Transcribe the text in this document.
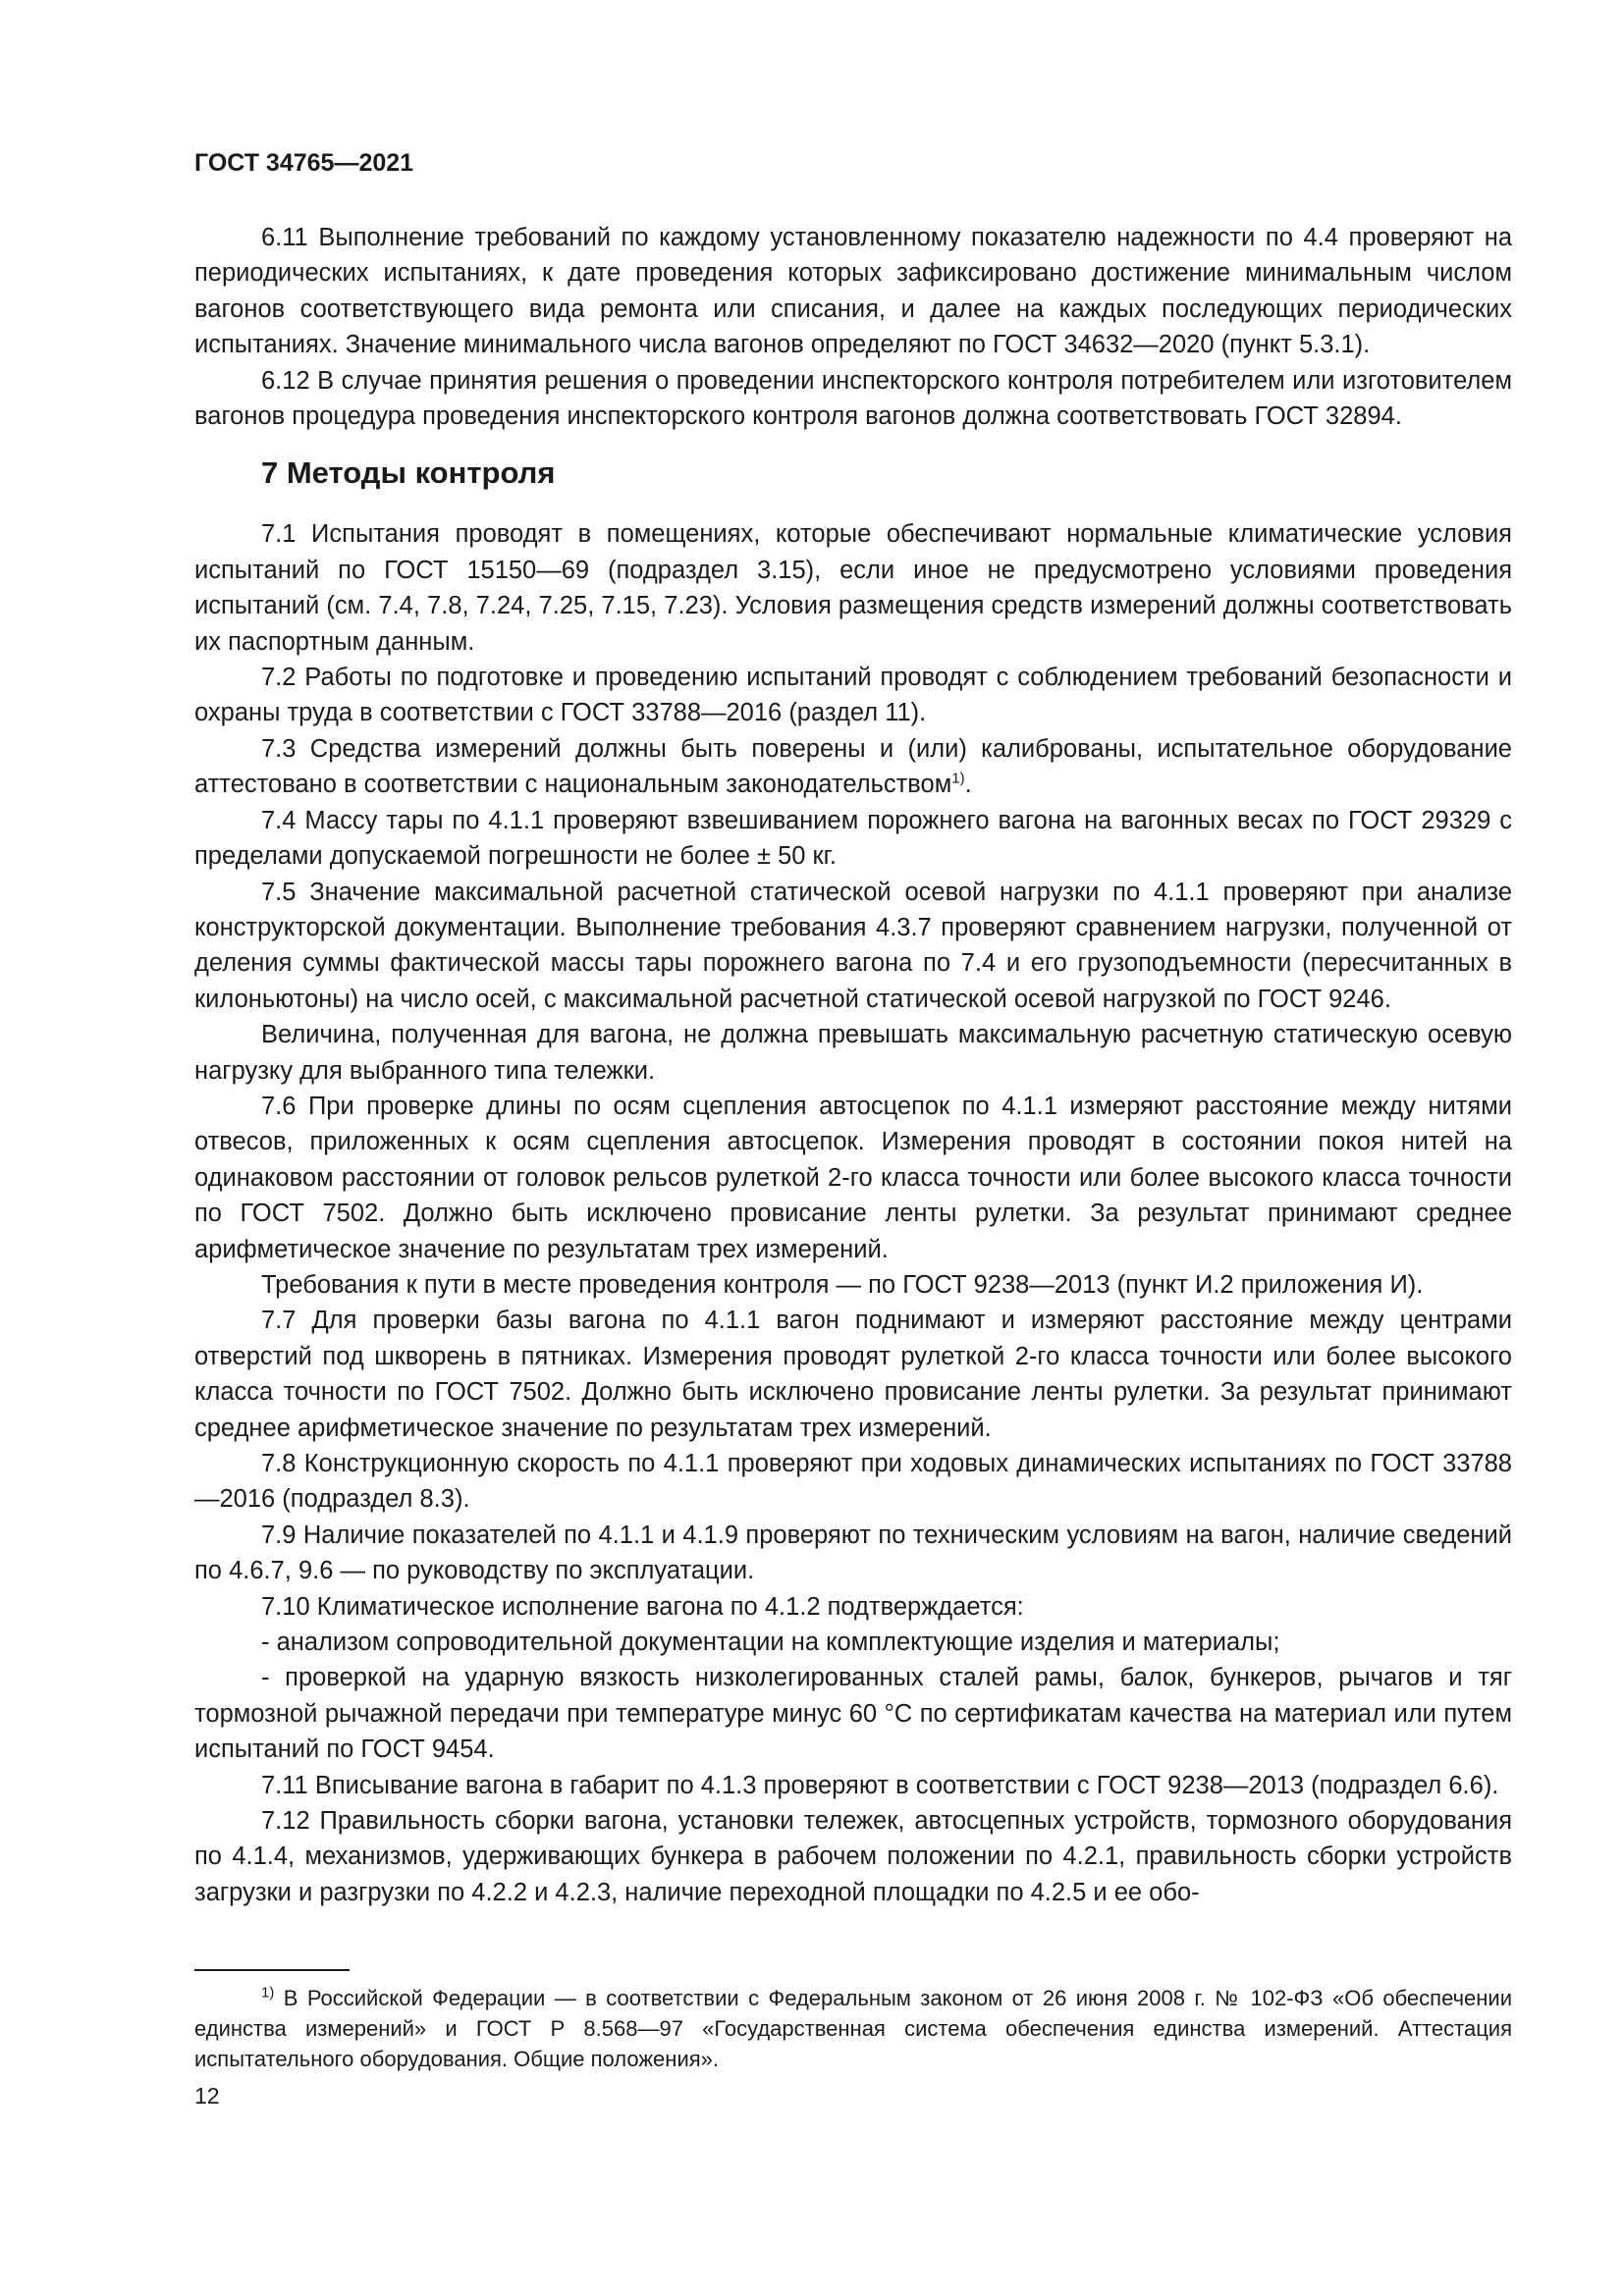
ГОСТ 34765—2021

6.11 Выполнение требований по каждому установленному показателю надежности по 4.4 проверяют на периодических испытаниях, к дате проведения которых зафиксировано достижение минимальным числом вагонов соответствующего вида ремонта или списания, и далее на каждых последующих периодических испытаниях. Значение минимального числа вагонов определяют по ГОСТ 34632—2020 (пункт 5.3.1).

6.12 В случае принятия решения о проведении инспекторского контроля потребителем или изготовителем вагонов процедура проведения инспекторского контроля вагонов должна соответствовать ГОСТ 32894.

7 Методы контроля

7.1 Испытания проводят в помещениях, которые обеспечивают нормальные климатические условия испытаний по ГОСТ 15150—69 (подраздел 3.15), если иное не предусмотрено условиями проведения испытаний (см. 7.4, 7.8, 7.24, 7.25, 7.15, 7.23). Условия размещения средств измерений должны соответствовать их паспортным данным.

7.2 Работы по подготовке и проведению испытаний проводят с соблюдением требований безопасности и охраны труда в соответствии с ГОСТ 33788—2016 (раздел 11).

7.3 Средства измерений должны быть поверены и (или) калиброваны, испытательное оборудование аттестовано в соответствии с национальным законодательством$^{1)}$.

7.4 Массу тары по 4.1.1 проверяют взвешиванием порожнего вагона на вагонных весах по ГОСТ 29329 с пределами допускаемой погрешности не более ± 50 кг.

7.5 Значение максимальной расчетной статической осевой нагрузки по 4.1.1 проверяют при анализе конструкторской документации. Выполнение требования 4.3.7 проверяют сравнением нагрузки, полученной от деления суммы фактической массы тары порожнего вагона по 7.4 и его грузоподъемности (пересчитанных в килоньютоны) на число осей, с максимальной расчетной статической осевой нагрузкой по ГОСТ 9246.

Величина, полученная для вагона, не должна превышать максимальную расчетную статическую осевую нагрузку для выбранного типа тележки.

7.6 При проверке длины по осям сцепления автосцепок по 4.1.1 измеряют расстояние между нитями отвесов, приложенных к осям сцепления автосцепок. Измерения проводят в состоянии покоя нитей на одинаковом расстоянии от головок рельсов рулеткой 2-го класса точности или более высокого класса точности по ГОСТ 7502. Должно быть исключено провисание ленты рулетки. За результат принимают среднее арифметическое значение по результатам трех измерений.

Требования к пути в месте проведения контроля — по ГОСТ 9238—2013 (пункт И.2 приложения И).

7.7 Для проверки базы вагона по 4.1.1 вагон поднимают и измеряют расстояние между центрами отверстий под шкворень в пятниках. Измерения проводят рулеткой 2-го класса точности или более высокого класса точности по ГОСТ 7502. Должно быть исключено провисание ленты рулетки. За результат принимают среднее арифметическое значение по результатам трех измерений.

7.8 Конструкционную скорость по 4.1.1 проверяют при ходовых динамических испытаниях по ГОСТ 33788—2016 (подраздел 8.3).

7.9 Наличие показателей по 4.1.1 и 4.1.9 проверяют по техническим условиям на вагон, наличие сведений по 4.6.7, 9.6 — по руководству по эксплуатации.

7.10 Климатическое исполнение вагона по 4.1.2 подтверждается:

- анализом сопроводительной документации на комплектующие изделия и материалы;

- проверкой на ударную вязкость низколегированных сталей рамы, балок, бункеров, рычагов и тяг тормозной рычажной передачи при температуре минус 60 °С по сертификатам качества на материал или путем испытаний по ГОСТ 9454.

7.11 Вписывание вагона в габарит по 4.1.3 проверяют в соответствии с ГОСТ 9238—2013 (подраздел 6.6).

7.12 Правильность сборки вагона, установки тележек, автосцепных устройств, тормозного оборудования по 4.1.4, механизмов, удерживающих бункера в рабочем положении по 4.2.1, правильность сборки устройств загрузки и разгрузки по 4.2.2 и 4.2.3, наличие переходной площадки по 4.2.5 и ее обо-

$^{1)}$ В Российской Федерации — в соответствии с Федеральным законом от 26 июня 2008 г. № 102-ФЗ «Об обеспечении единства измерений» и ГОСТ Р 8.568—97 «Государственная система обеспечения единства измерений. Аттестация испытательного оборудования. Общие положения».

12
